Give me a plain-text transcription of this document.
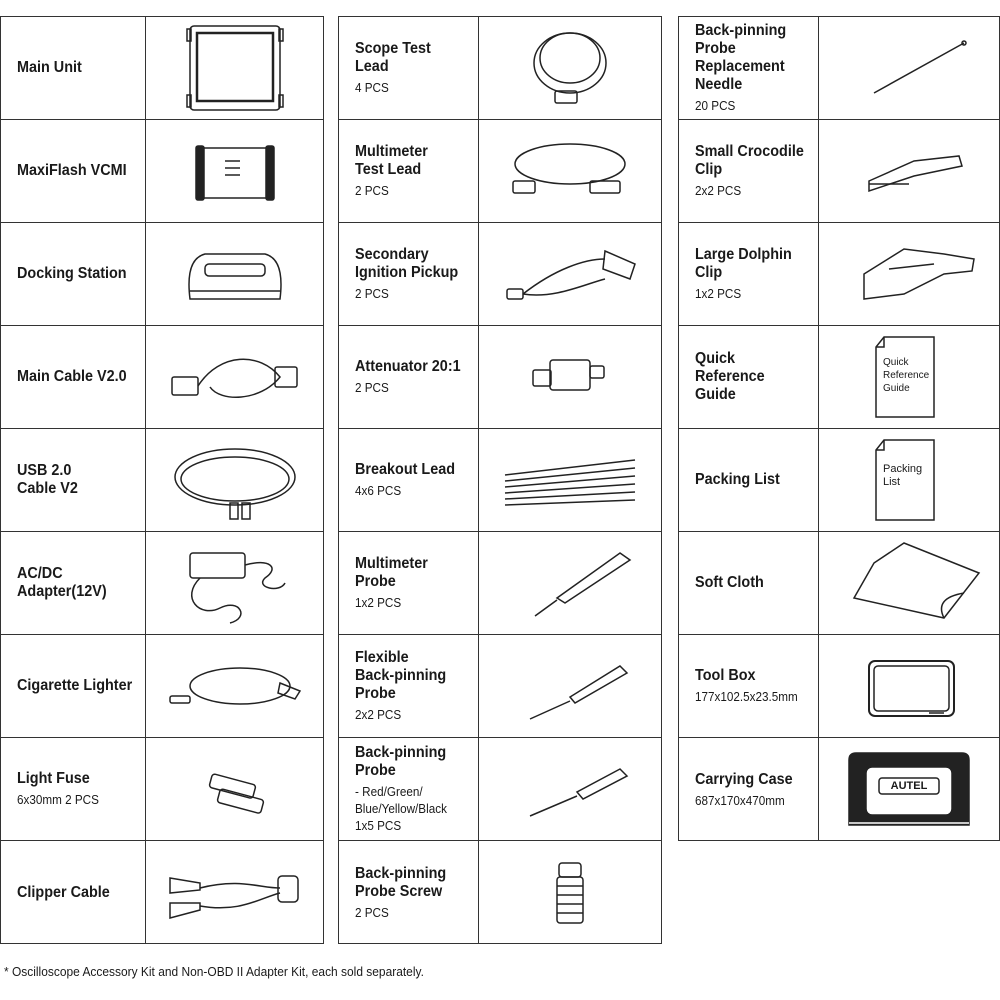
Main Unit
MaxiFlash VCMI
Docking Station
Main Cable V2.0
USB 2.0
Cable V2
AC/DC
Adapter(12V)
Cigarette Lighter
Light Fuse
6x30mm 2 PCS
Clipper Cable
Scope Test Lead
4 PCS
Multimeter
Test Lead
2 PCS
Secondary
Ignition Pickup
2 PCS
Attenuator 20:1
2 PCS
Breakout Lead
4x6 PCS
Multimeter
Probe
1x2 PCS
Flexible
Back-pinning
Probe
2x2 PCS
Back-pinning
Probe
- Red/Green/
Blue/Yellow/Black
1x5 PCS
Back-pinning
Probe Screw
2 PCS
Back-pinning
Probe
Replacement
Needle
20 PCS
Small Crocodile
Clip
2x2 PCS
Large Dolphin
Clip
1x2 PCS
Quick Reference
Guide
Quick
Reference
Guide
Packing List
Packing
List
Soft Cloth
Tool Box
177x102.5x23.5mm
Carrying Case
687x170x470mm
AUTEL
* Oscilloscope Accessory Kit and Non-OBD II Adapter Kit, each sold separately.
